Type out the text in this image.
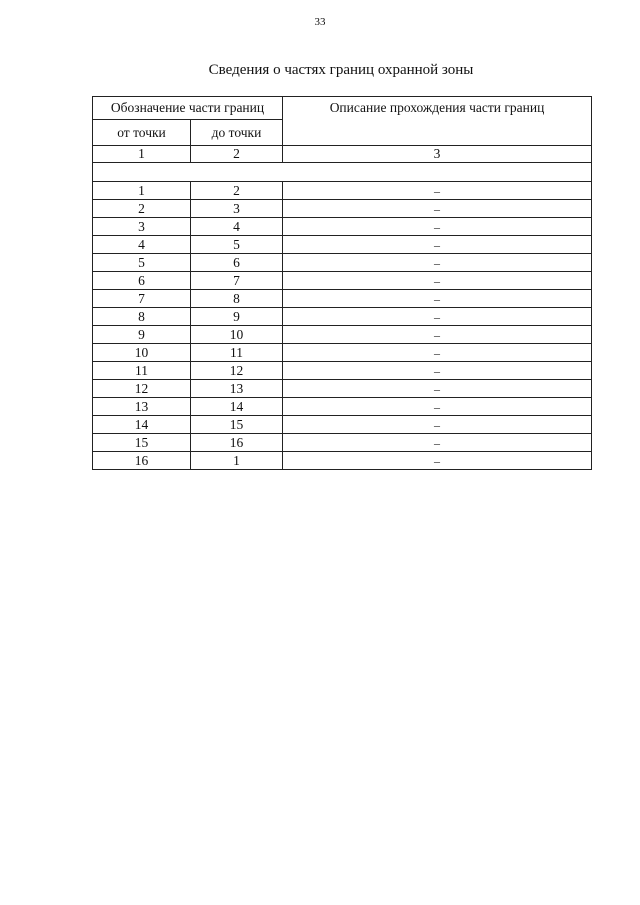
33
Сведения о частях границ охранной зоны
Обозначение части границ		Описание прохождения части границ
от точки	до точки	
1	2	3

1	2	–
2	3	–
3	4	–
4	5	–
5	6	–
6	7	–
7	8	–
8	9	–
9	10	–
10	11	–
11	12	–
12	13	–
13	14	–
14	15	–
15	16	–
16	1	–
